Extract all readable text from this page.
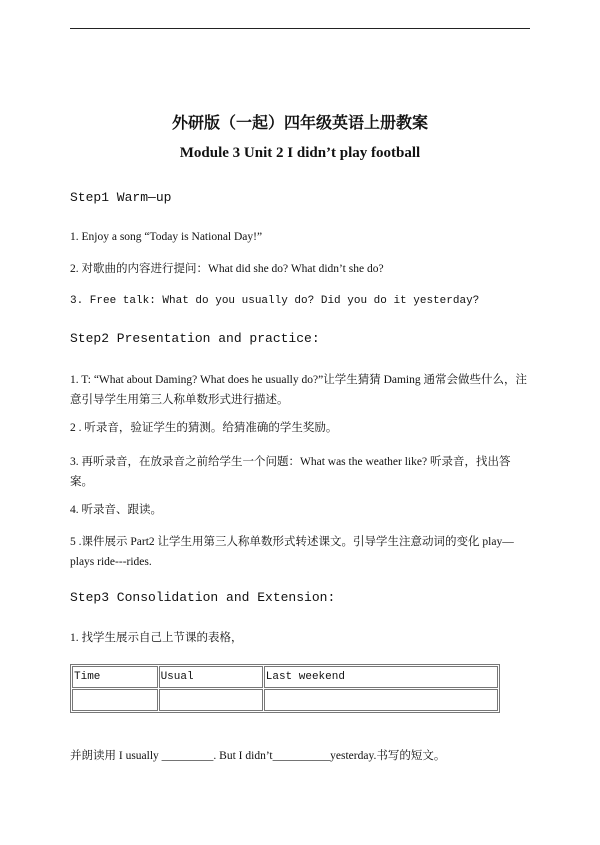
外研版（一起）四年级英语上册教案
Module 3 Unit 2 I didn’t play football
Step1 Warm—up
1. Enjoy a song “Today is National Day!”
2. 对歌曲的内容进行提问：What did she do? What didn’t she do?
3. Free talk: What do you usually do? Did you do it yesterday?
Step2 Presentation and practice:
1. T: “What about Daming? What does he usually do?”让学生猜猜 Daming 通常会做些什么，注意引导学生用第三人称单数形式进行描述。
2 . 听录音，验证学生的猜测。给猜准确的学生奖励。
3. 再听录音，在放录音之前给学生一个问题：What was the weather like? 听录音，找出答案。
4. 听录音、跟读。
5 .课件展示 Part2 让学生用第三人称单数形式转述课文。引导学生注意动词的变化 play—plays ride---rides.
Step3 Consolidation and Extension:
1. 找学生展示自己上节课的表格，
Time	Usual	Last weekend

并朗读用 I usually _________. But I didn’t__________yesterday.书写的短文。
